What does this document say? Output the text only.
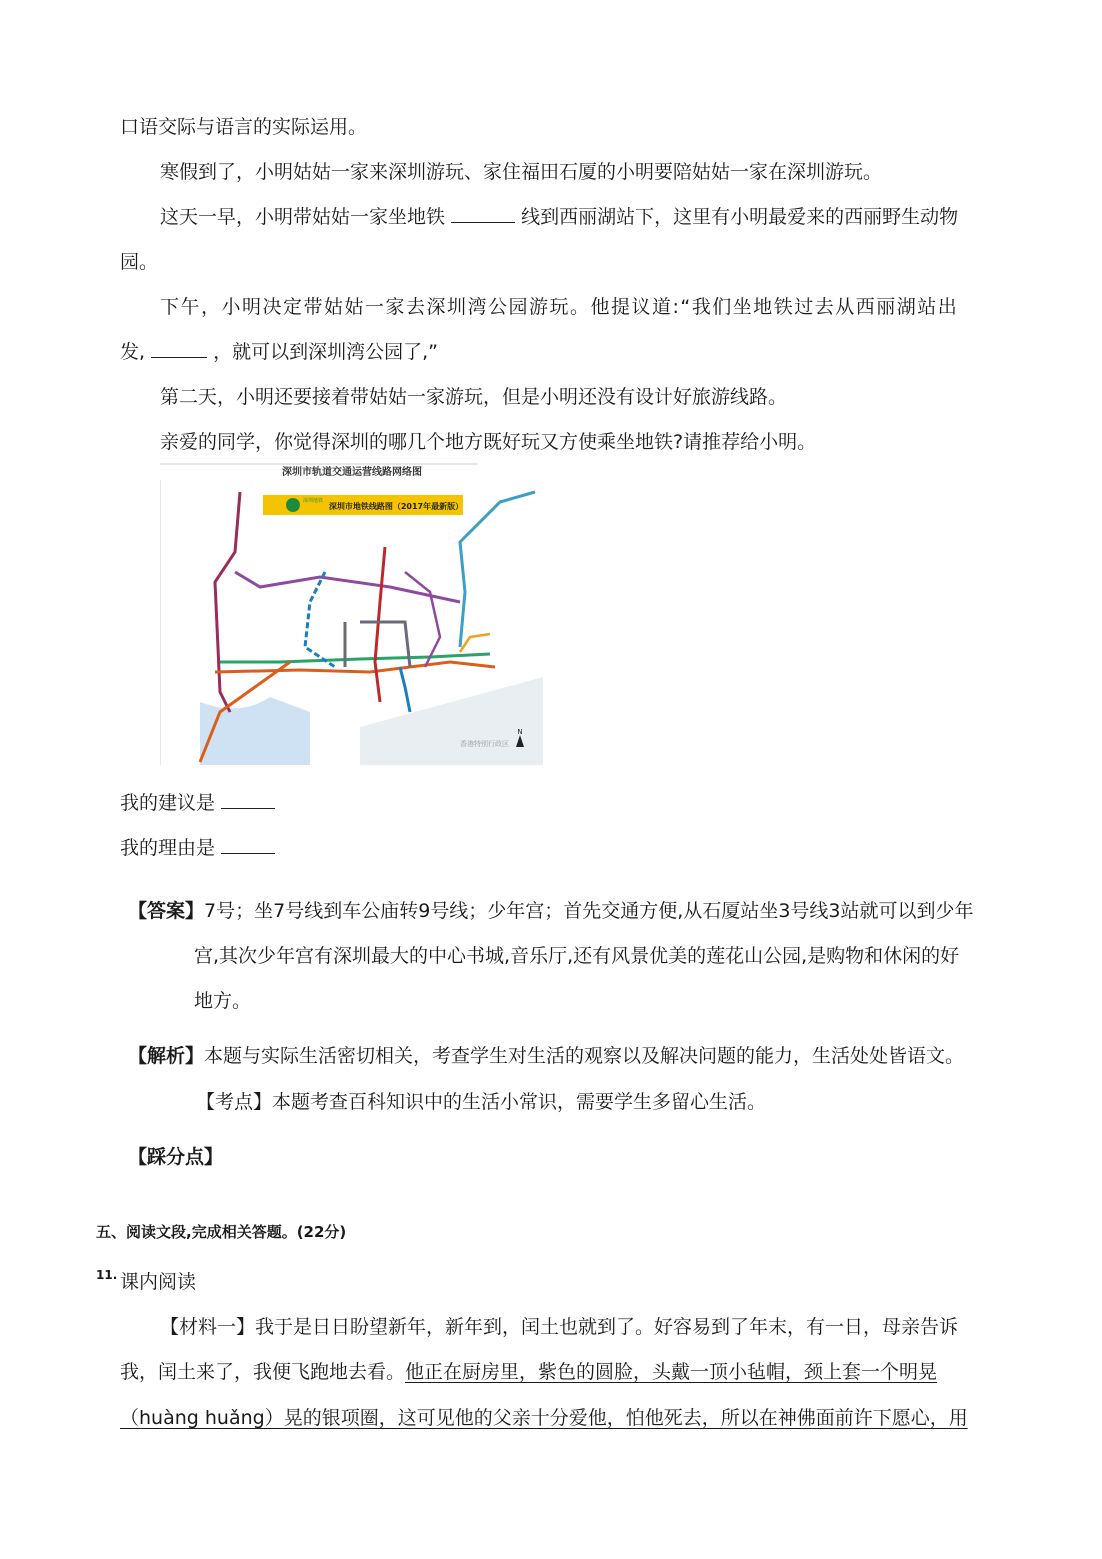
口语交际与语言的实际运用。
寒假到了，小明姑姑一家来深圳游玩、家住福田石厦的小明要陪姑姑一家在深圳游玩。
这天一早，小明带姑姑一家坐地铁	线到西丽湖站下，这里有小明最爱来的西丽野生动物
园。
下午，小明决定带姑姑一家去深圳湾公园游玩。他提议道:“我们坐地铁过去从西丽湖站出
发,	，就可以到深圳湾公园了,”
第二天，小明还要接着带姑姑一家游玩，但是小明还没有设计好旅游线路。
亲爱的同学，你觉得深圳的哪几个地方既好玩又方使乘坐地铁?请推荐给小明。
深圳市轨道交通运营线路网络图
香港特别行政区
深圳地铁
深圳市地铁线路图（2017年最新版）
N
我的建议是
我的理由是
【答案】7号；坐7号线到车公庙转9号线；少年宫；首先交通方便,从石厦站坐3号线3站就可以到少年
宫,其次少年宫有深圳最大的中心书城,音乐厅,还有风景优美的莲花山公园,是购物和休闲的好
地方。
【解析】本题与实际生活密切相关，考查学生对生活的观察以及解决问题的能力，生活处处皆语文。
【考点】本题考查百科知识中的生活小常识，需要学生多留心生活。
【踩分点】
五、阅读文段,完成相关答题。(22分)
11. 课内阅读
【材料一】我于是日日盼望新年，新年到，闰土也就到了。好容易到了年末，有一日，母亲告诉
我，闰土来了，我便飞跑地去看。他正在厨房里，紫色的圆脸，头戴一顶小毡帽，颈上套一个明晃
（huàng huǎng）晃的银项圈，这可见他的父亲十分爱他，怕他死去，所以在神佛面前许下愿心，用
